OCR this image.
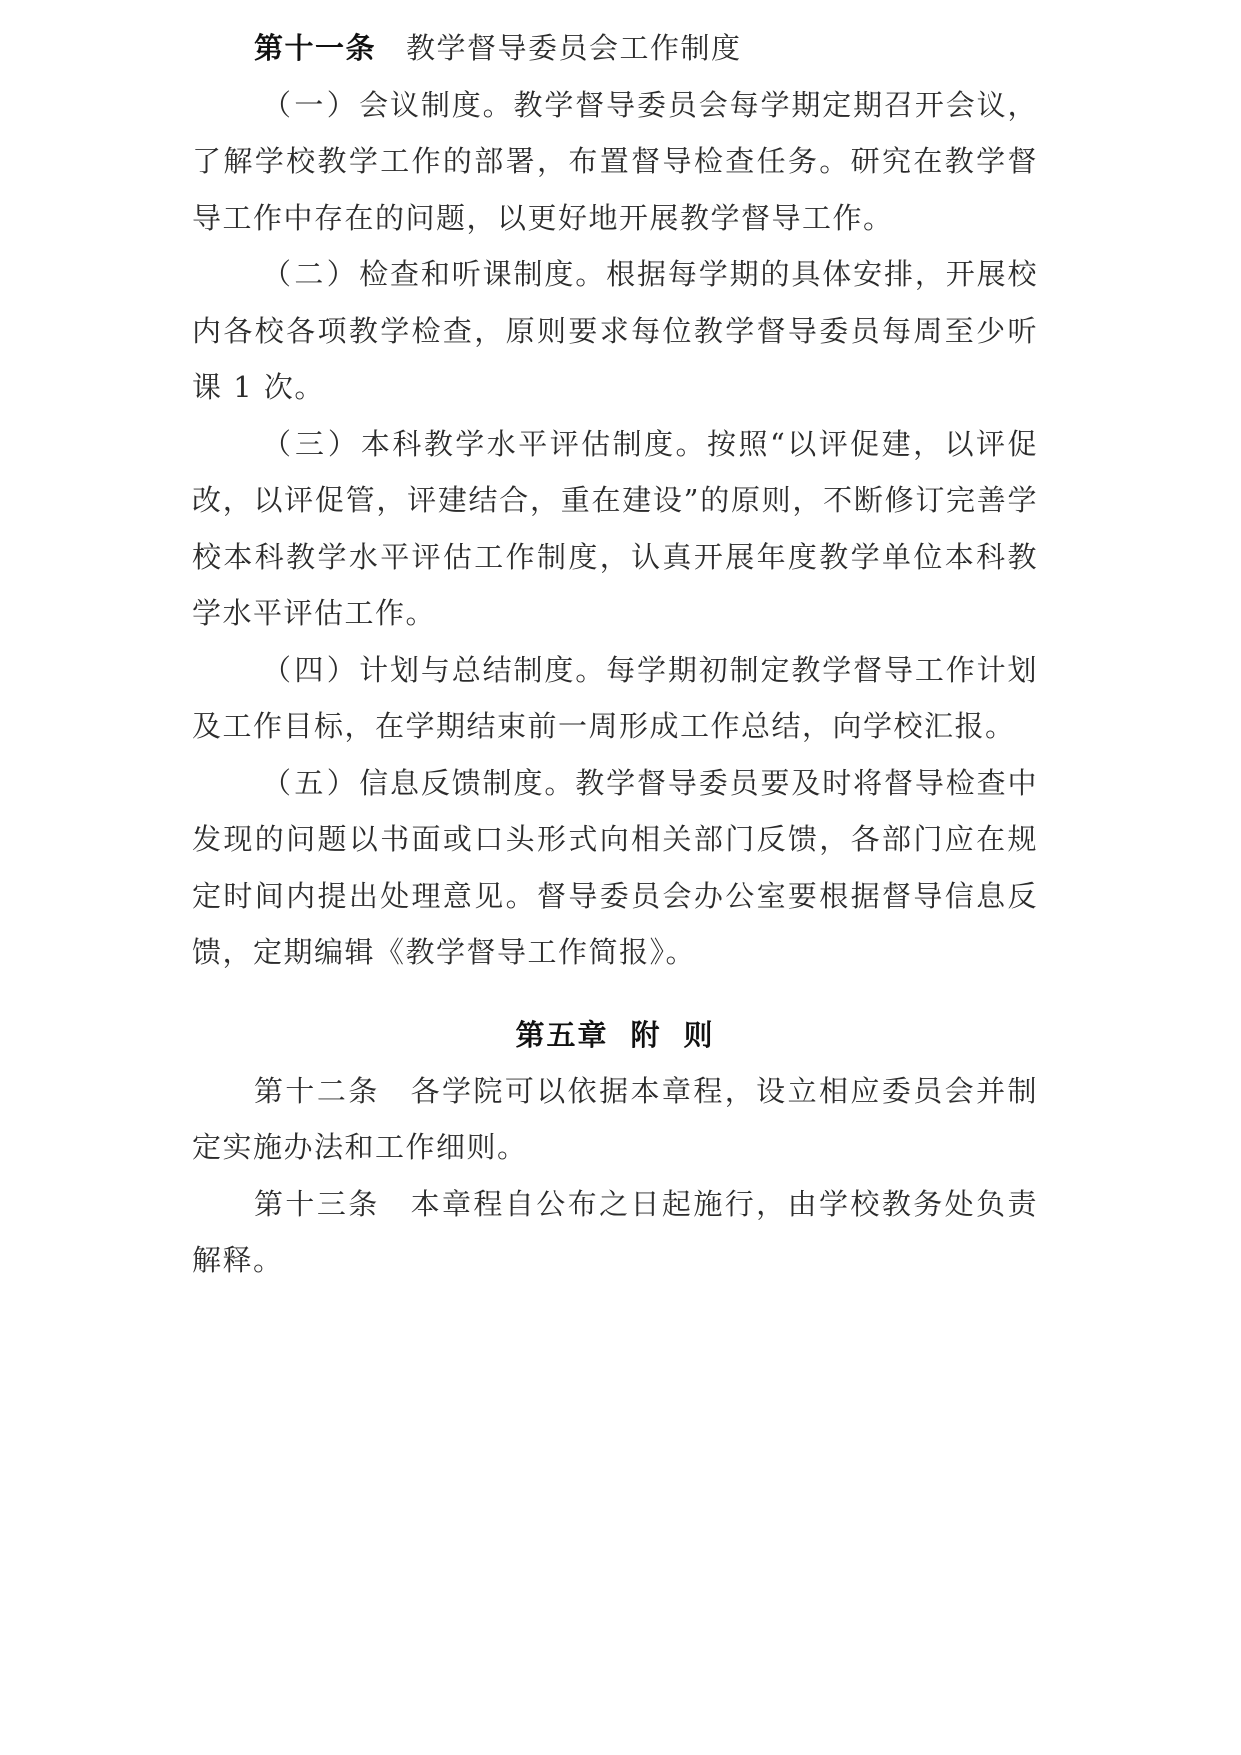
第十一条 教学督导委员会工作制度

（一）会议制度。教学督导委员会每学期定期召开会议，了解学校教学工作的部署，布置督导检查任务。研究在教学督导工作中存在的问题，以更好地开展教学督导工作。

（二）检查和听课制度。根据每学期的具体安排，开展校内各校各项教学检查，原则要求每位教学督导委员每周至少听课 1 次。

（三）本科教学水平评估制度。按照“以评促建，以评促改，以评促管，评建结合，重在建设”的原则，不断修订完善学校本科教学水平评估工作制度，认真开展年度教学单位本科教学水平评估工作。

（四）计划与总结制度。每学期初制定教学督导工作计划及工作目标，在学期结束前一周形成工作总结，向学校汇报。

（五）信息反馈制度。教学督导委员要及时将督导检查中发现的问题以书面或口头形式向相关部门反馈，各部门应在规定时间内提出处理意见。督导委员会办公室要根据督导信息反馈，定期编辑《教学督导工作简报》。

第五章 附 则

第十二条 各学院可以依据本章程，设立相应委员会并制定实施办法和工作细则。

第十三条 本章程自公布之日起施行，由学校教务处负责解释。
